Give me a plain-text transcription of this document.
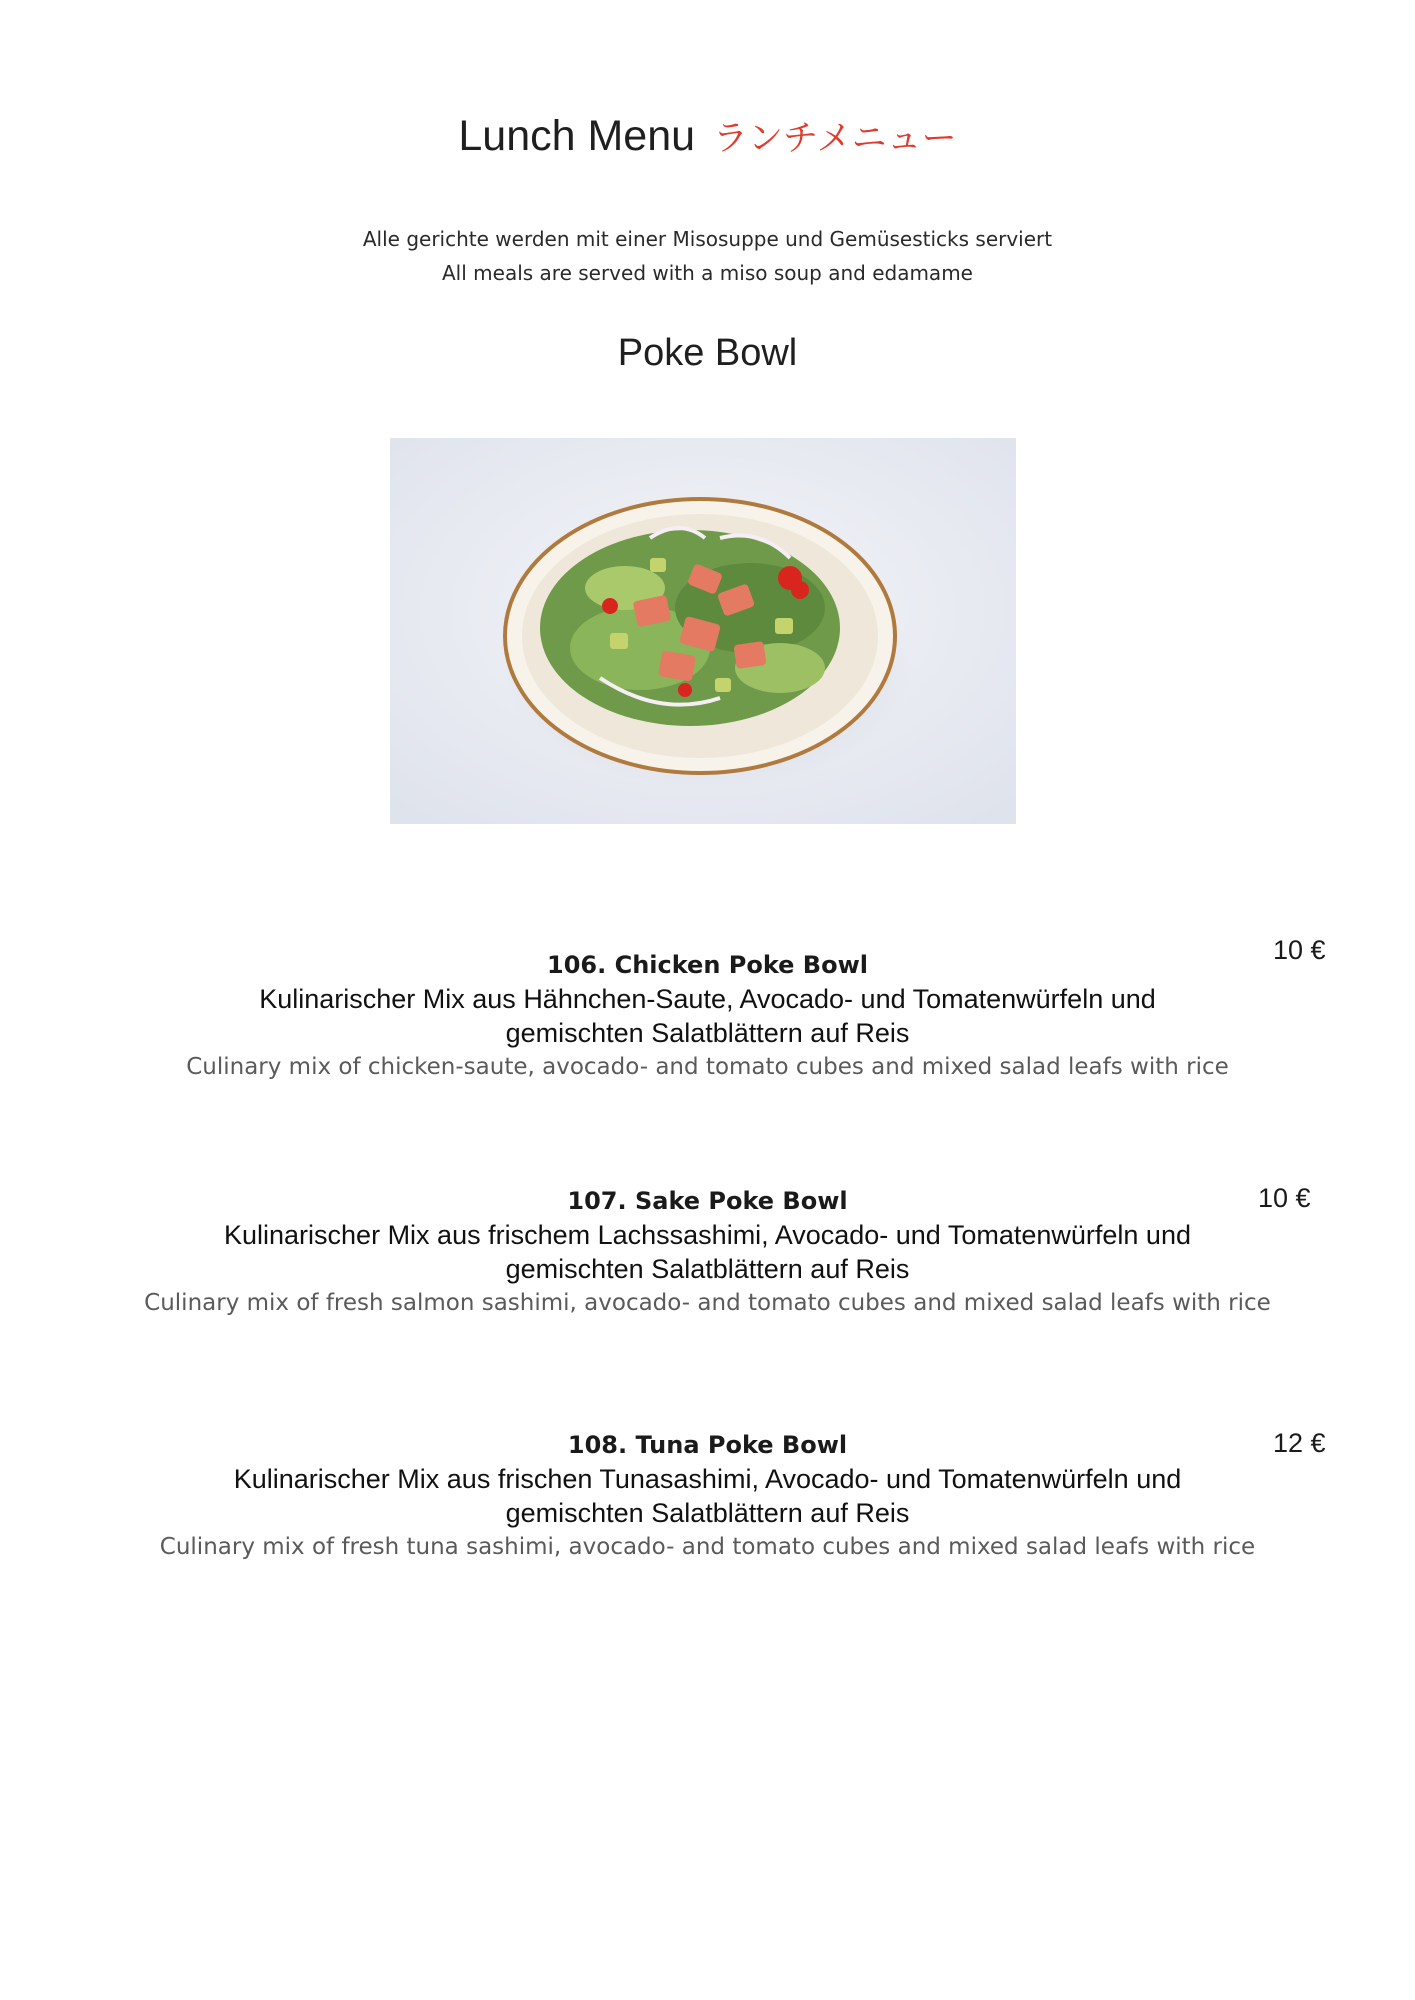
Lunch Menu ランチメニュー
Alle gerichte werden mit einer Misosuppe und Gemüsesticks serviert
All meals are served with a miso soup and edamame
Poke Bowl
106. Chicken Poke Bowl
Kulinarischer Mix aus Hähnchen-Saute, Avocado- und Tomatenwürfeln und
gemischten Salatblättern auf Reis
Culinary mix of chicken-saute, avocado- and tomato cubes and mixed salad leafs with rice
10 €
107. Sake Poke Bowl
Kulinarischer Mix aus frischem Lachssashimi, Avocado- und Tomatenwürfeln und
gemischten Salatblättern auf Reis
Culinary mix of fresh salmon sashimi, avocado- and tomato cubes and mixed salad leafs with rice
10 €
108. Tuna Poke Bowl
Kulinarischer Mix aus frischen Tunasashimi, Avocado- und Tomatenwürfeln und
gemischten Salatblättern auf Reis
Culinary mix of fresh tuna sashimi, avocado- and tomato cubes and mixed salad leafs with rice
12 €
